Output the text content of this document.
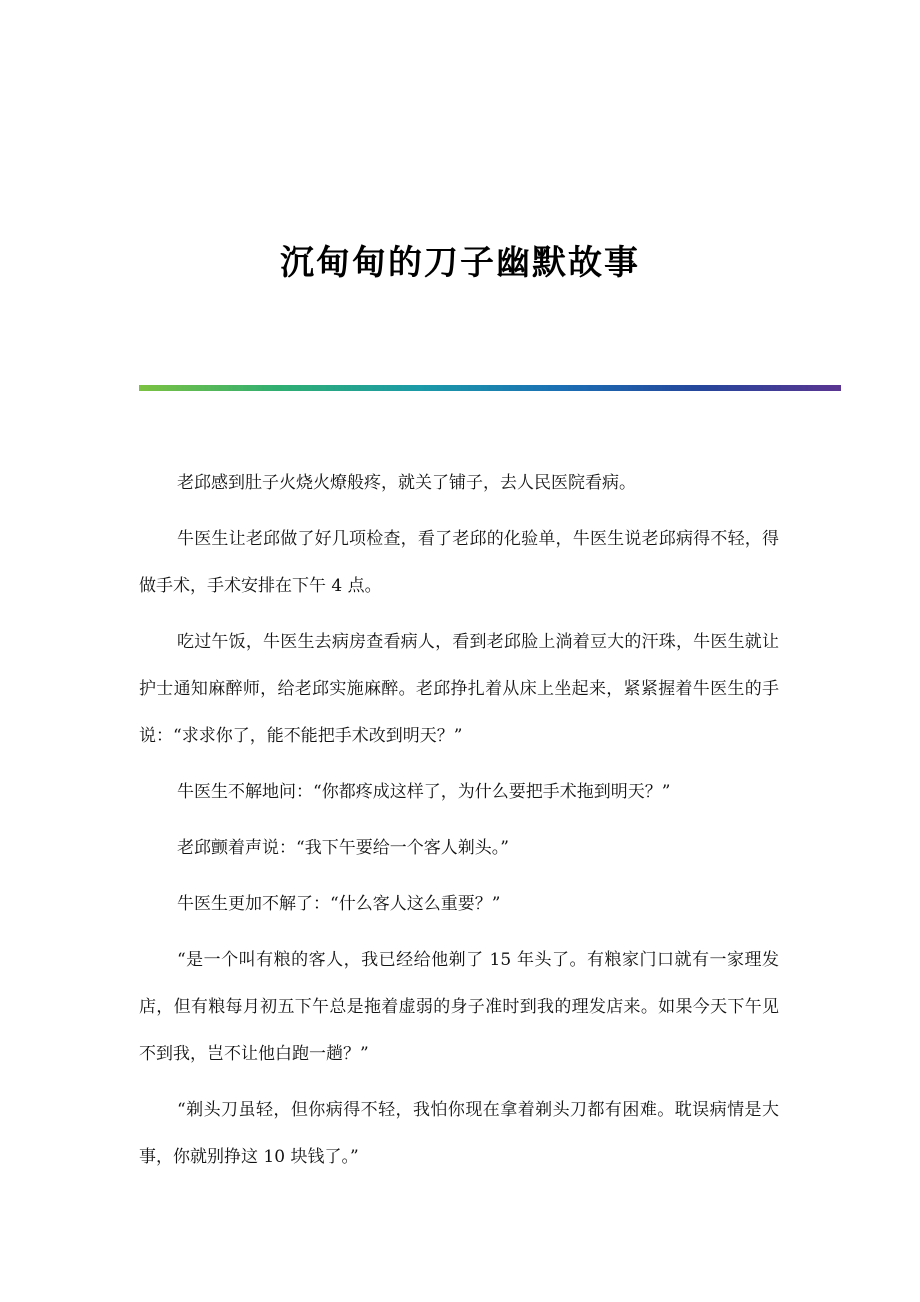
沉甸甸的刀子幽默故事

老邱感到肚子火烧火燎般疼，就关了铺子，去人民医院看病。

牛医生让老邱做了好几项检查，看了老邱的化验单，牛医生说老邱病得不轻，得做手术，手术安排在下午 4 点。

吃过午饭，牛医生去病房查看病人，看到老邱脸上淌着豆大的汗珠，牛医生就让护士通知麻醉师，给老邱实施麻醉。老邱挣扎着从床上坐起来，紧紧握着牛医生的手说：“求求你了，能不能把手术改到明天？”

牛医生不解地问：“你都疼成这样了，为什么要把手术拖到明天？”

老邱颤着声说：“我下午要给一个客人剃头。”

牛医生更加不解了：“什么客人这么重要？”

“是一个叫有粮的客人，我已经给他剃了 15 年头了。有粮家门口就有一家理发店，但有粮每月初五下午总是拖着虚弱的身子准时到我的理发店来。如果今天下午见不到我，岂不让他白跑一趟？”

“剃头刀虽轻，但你病得不轻，我怕你现在拿着剃头刀都有困难。耽误病情是大事，你就别挣这 10 块钱了。”
